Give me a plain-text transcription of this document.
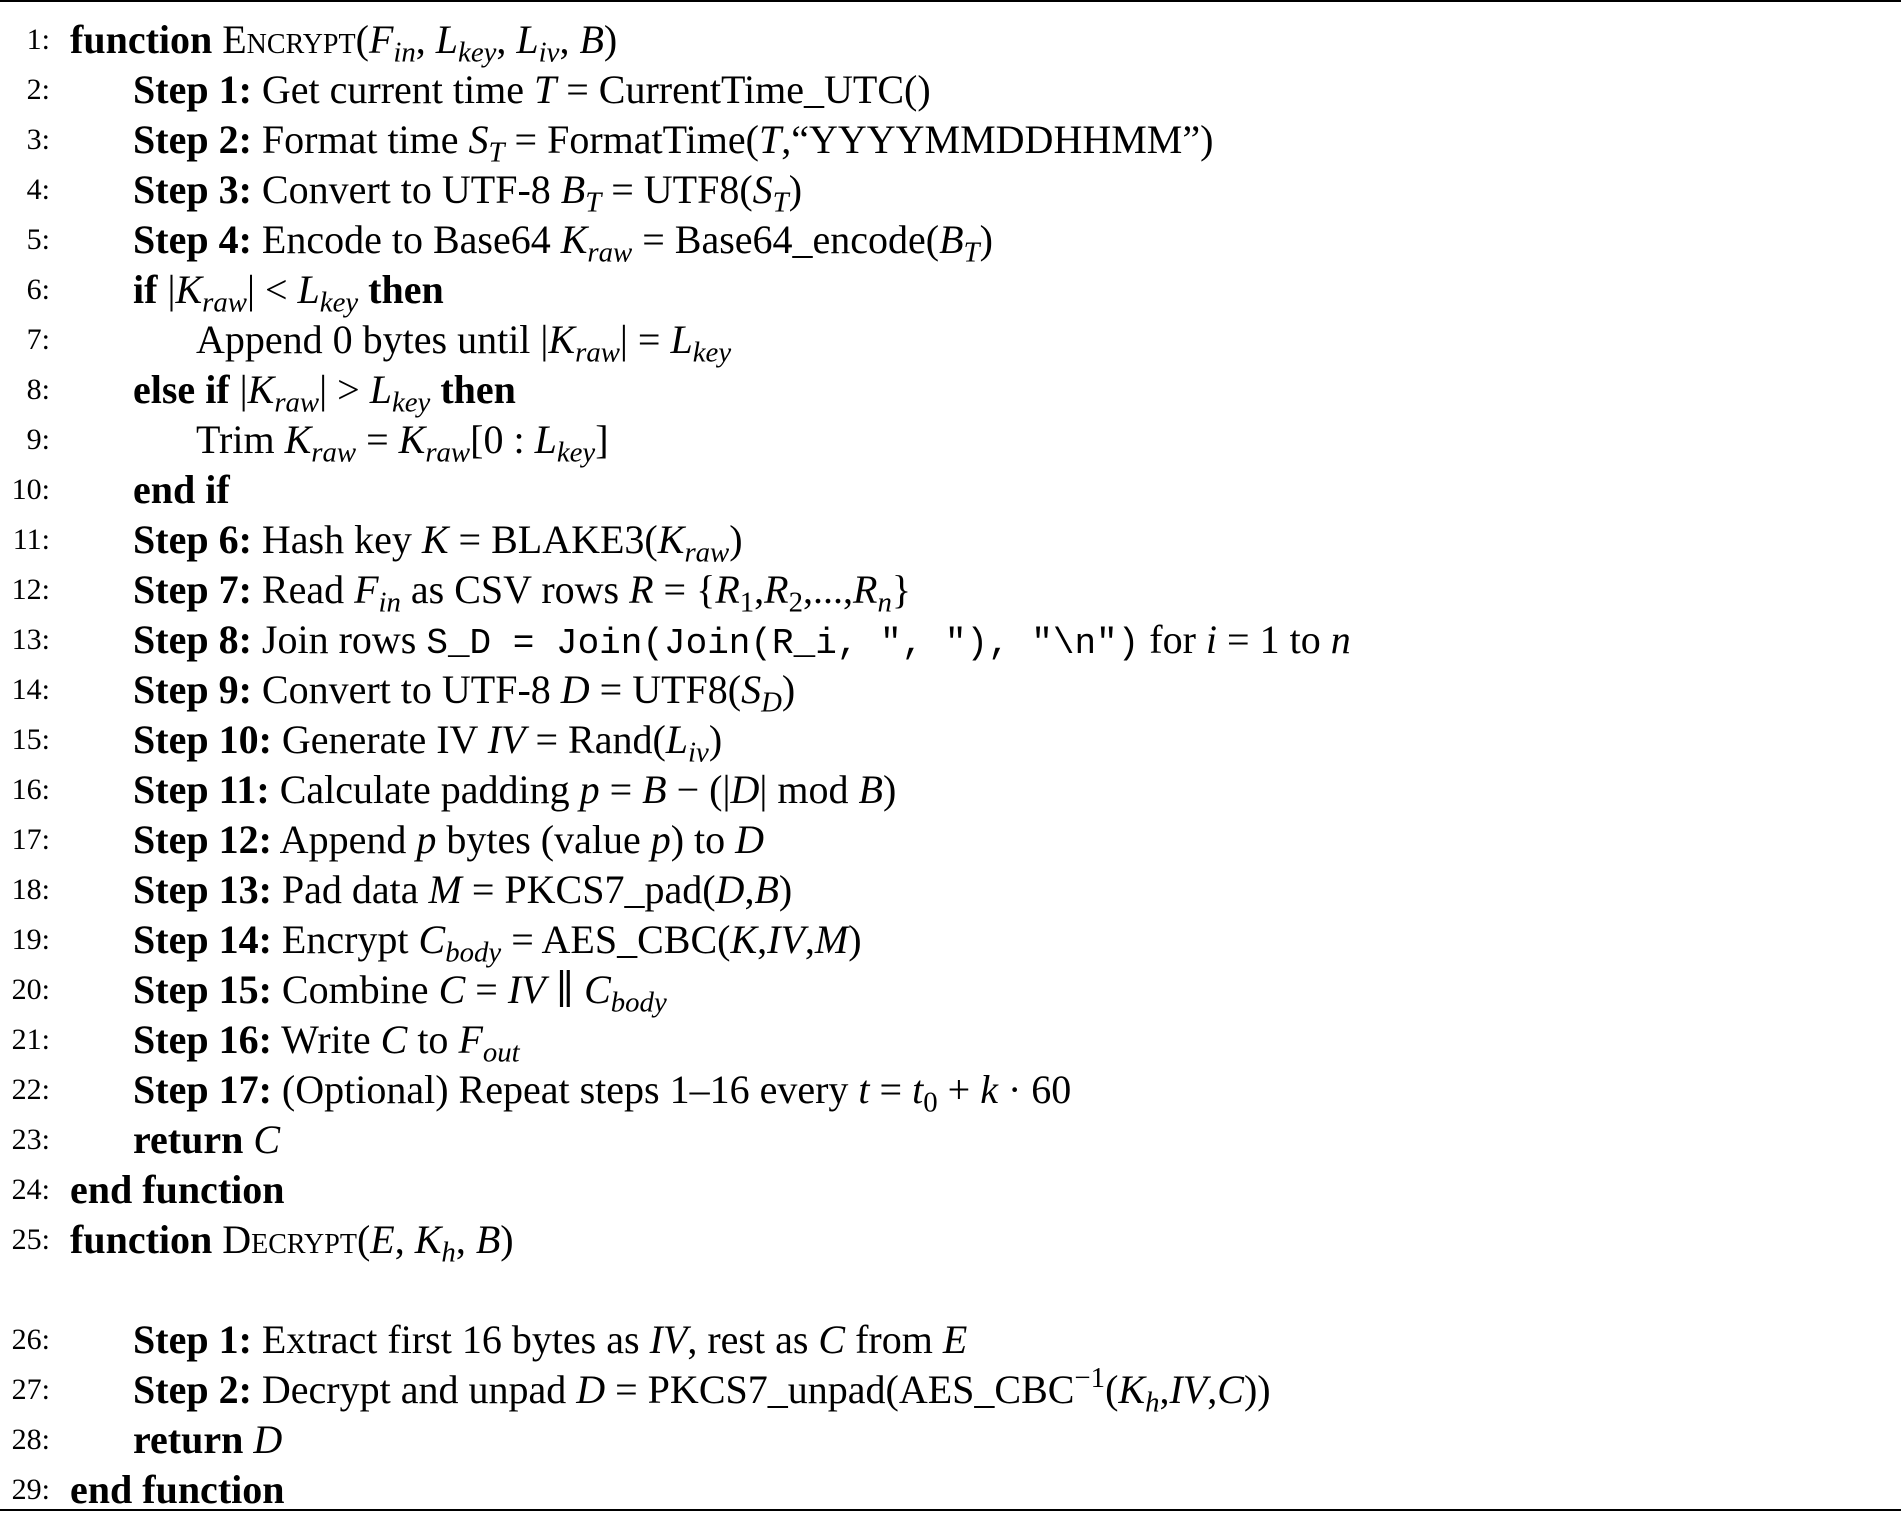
1: function $Encrypt(F_{in}$, $L_{key}$, $L_{iv}$, B)
2: Step 1: Get current time T = CurrentTime_UTC()
3: Step 2: Format time $S_T$ = FormatTime(T,“YYYYMMDDHHMM”)
4: Step 3: Convert to UTF-8 $B_T = UTF8(S_T)$
5: Step 4: Encode to Base64 $K_{raw}$ = $Base64\_encode(B_T)$
6: if $|K_{raw}| < L_{key}$ then
7:	Append 0 bytes until $|K_{raw}| = L_{key}$
8: else if $|K_{raw}| > L_{key}$ then
9:	Trim $K_{raw} = K_{raw}[0$ : $L_{key}$]
10: end if
11: Step 6: Hash key $K = BLAKE3(K_{raw})$
12: Step 7: Read $F_{in}$ as CSV rows $R = \{R_1,R_2,...,R_n\}$
13: Step 8: Join rows S_D = Join(Join(R_i, ", "), "\n") for i = 1 to n
14: Step 9: Convert to UTF-8 $D = UTF8(S_D)$
15: Step 10: Generate IV IV = $Rand(L_{iv})$
16: Step 11: Calculate padding p = B − (|D| mod B)
17: Step 12: Append p bytes (value p) to D
18: Step 13: Pad data M = PKCS7_pad(D,B)
19: Step 14: Encrypt $C_{body}$ = AES_CBC(K,IV,M)
20: Step 15: Combine C = IV ∥ $C_{body}$
21: Step 16: Write C to $F_{out}$
22: Step 17: (Optional) Repeat steps 1–16 every $t = t_0 + k \cdot 60$
23: return C
24: end function
25: function Decrypt(E, $K_h$, B)
26: Step 1: Extract first 16 bytes as IV, rest as C from E
27: Step 2: Decrypt and unpad $D = PKCS7\_unpad(AES\_CBC^{-1}(K_h,IV,C))$
28: return D
29: end function
